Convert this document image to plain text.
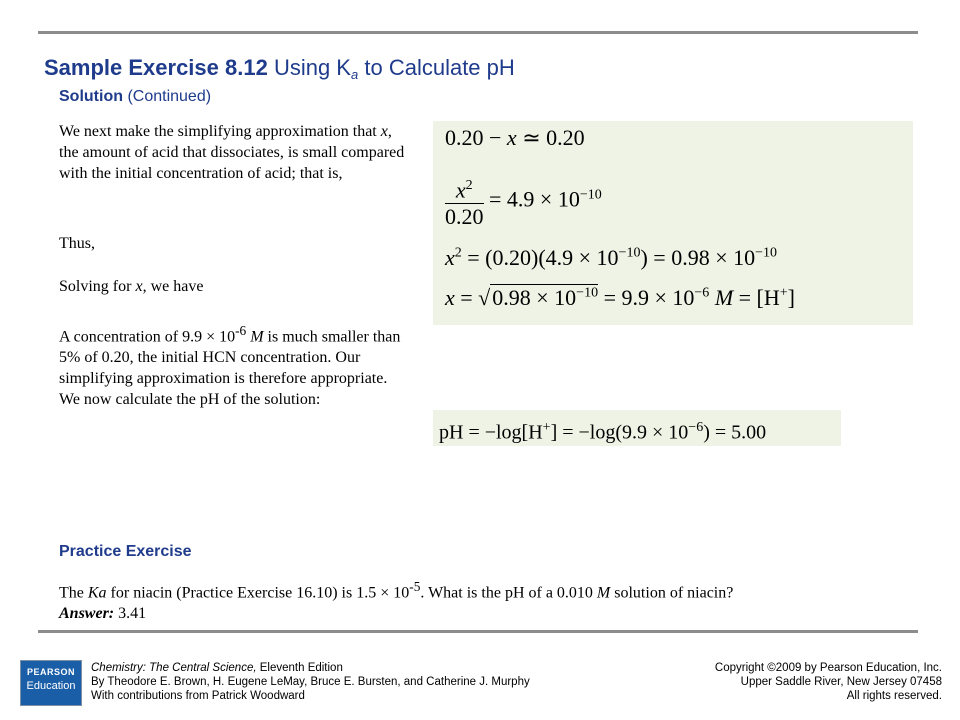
Sample Exercise 8.12 Using $K_a$ to Calculate pH
Solution (Continued)
We next make the simplifying approximation that x, the amount of acid that dissociates, is small compared with the initial concentration of acid; that is,
Thus,
Solving for x, we have
A concentration of $9.9 \times 10^{-6}$ M is much smaller than 5% of 0.20, the initial HCN concentration. Our simplifying approximation is therefore appropriate. We now calculate the pH of the solution:
0.20 − x ≃ 0.20
$\frac{x^2}{0.20} = 4.9 \times 10^{-10}$
$x^2 = (0.20)(4.9 \times 10^{-10}) = 0.98 \times 10^{-10}$
$x = √0.98 \times 10^{-10} = 9.9 \times 10^{-6}$ M = [H+]
pH = $-\log[H^+] = -\log(9.9 \times 10^{-6}) = 5.00$
Practice Exercise
The Ka for niacin (Practice Exercise 16.10) is $1.5 \times 10^{-5}$. What is the pH of a 0.010 M solution of niacin?
Answer: 3.41
PEARSON
Education
Chemistry: The Central Science, Eleventh Edition
By Theodore E. Brown, H. Eugene LeMay, Bruce E. Bursten, and Catherine J. Murphy
With contributions from Patrick Woodward
Copyright ©2009 by Pearson Education, Inc.
Upper Saddle River, New Jersey 07458
All rights reserved.
